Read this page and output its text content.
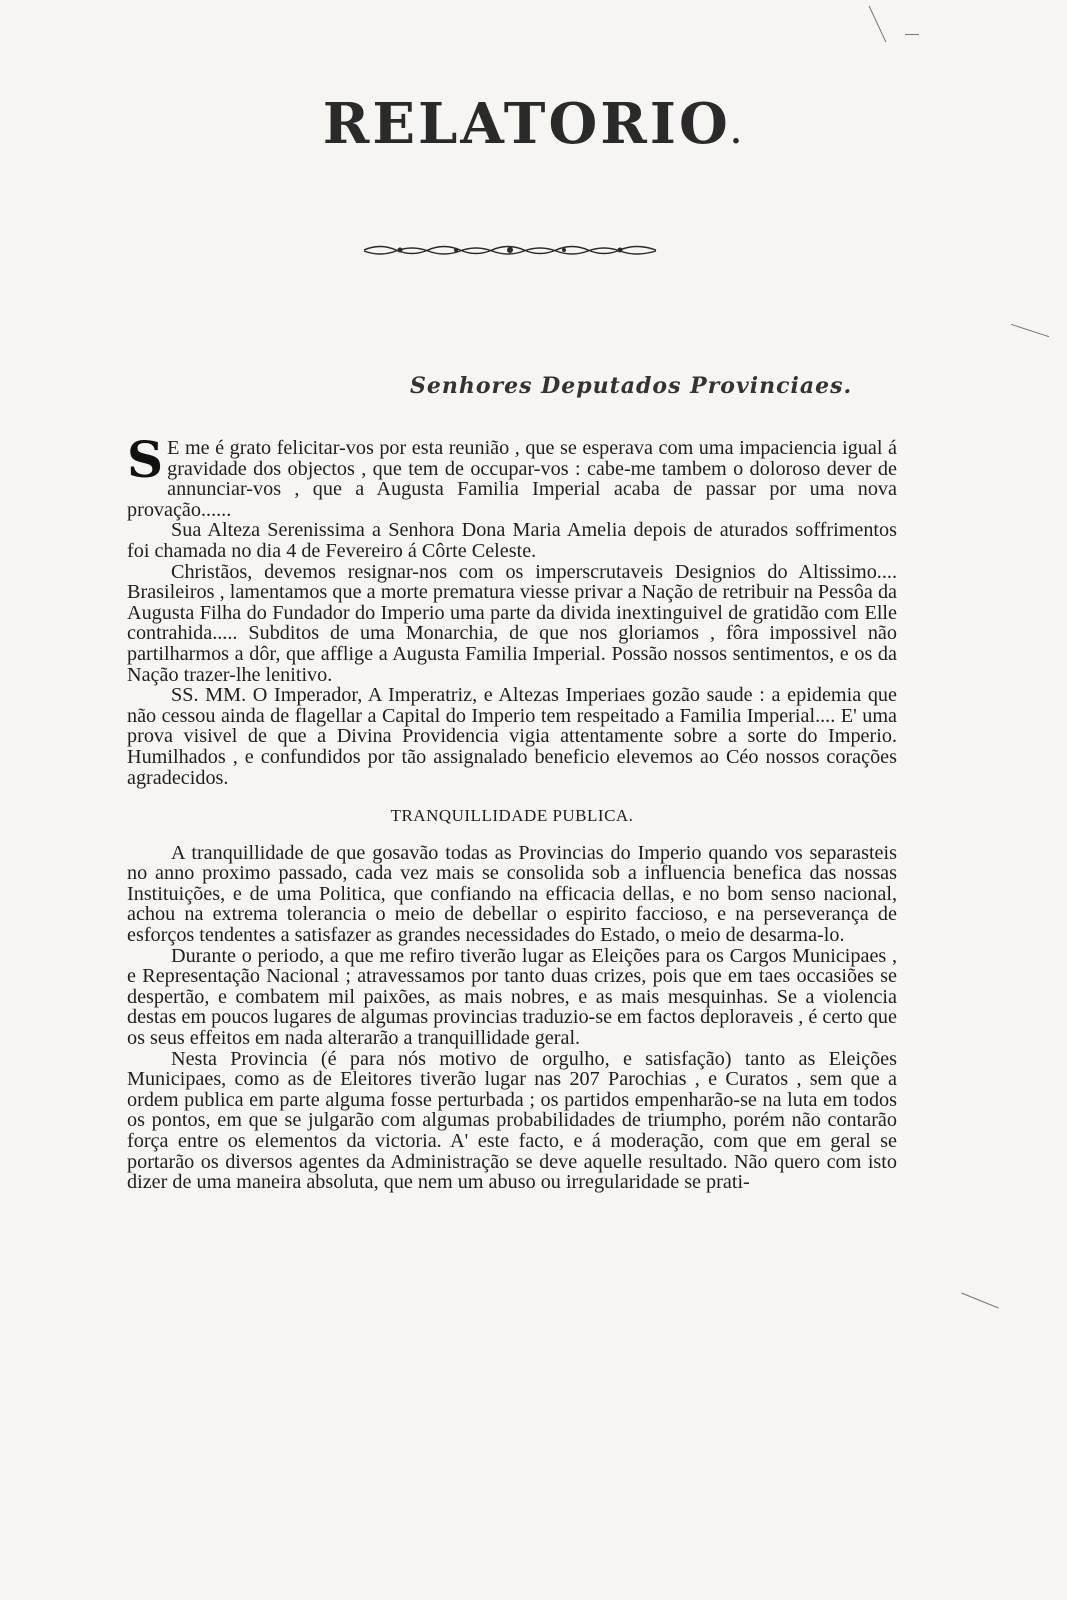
RELATORIO.
Senhores Deputados Provinciaes.

S E me é grato felicitar-vos por esta reunião , que se esperava com uma impaciencia igual á gravidade dos objectos , que tem de occupar-vos : cabe-me tambem o doloroso dever de annunciar-vos , que a Augusta Familia Imperial acaba de passar por uma nova provação......

Sua Alteza Serenissima a Senhora Dona Maria Amelia depois de aturados soffrimentos foi chamada no dia 4 de Fevereiro á Côrte Celeste.

Christãos, devemos resignar-nos com os imperscrutaveis Designios do Altissimo.... Brasileiros , lamentamos que a morte prematura viesse privar a Nação de retribuir na Pessôa da Augusta Filha do Fundador do Imperio uma parte da divida inextinguivel de gratidão com Elle contrahida..... Subditos de uma Monarchia, de que nos gloriamos , fôra impossivel não partilharmos a dôr, que afflige a Augusta Familia Imperial. Possão nossos sentimentos, e os da Nação trazer-lhe lenitivo.

SS. MM. O Imperador, A Imperatriz, e Altezas Imperiaes gozão saude : a epidemia que não cessou ainda de flagellar a Capital do Imperio tem respeitado a Familia Imperial.... E' uma prova visivel de que a Divina Providencia vigia attentamente sobre a sorte do Imperio. Humilhados , e confundidos por tão assignalado beneficio elevemos ao Céo nossos corações agradecidos.

TRANQUILLIDADE PUBLICA.

A tranquillidade de que gosavão todas as Provincias do Imperio quando vos separasteis no anno proximo passado, cada vez mais se consolida sob a influencia benefica das nossas Instituições, e de uma Politica, que confiando na efficacia dellas, e no bom senso nacional, achou na extrema tolerancia o meio de debellar o espirito faccioso, e na perseverança de esforços tendentes a satisfazer as grandes necessidades do Estado, o meio de desarma-lo.

Durante o periodo, a que me refiro tiverão lugar as Eleições para os Cargos Municipaes , e Representação Nacional ; atravessamos por tanto duas crizes, pois que em taes occasiões se despertão, e combatem mil paixões, as mais nobres, e as mais mesquinhas. Se a violencia destas em poucos lugares de algumas provincias traduzio-se em factos deploraveis , é certo que os seus effeitos em nada alterarão a tranquillidade geral.

Nesta Provincia (é para nós motivo de orgulho, e satisfação) tanto as Eleições Municipaes, como as de Eleitores tiverão lugar nas 207 Parochias , e Curatos , sem que a ordem publica em parte alguma fosse perturbada ; os partidos empenharão-se na luta em todos os pontos, em que se julgarão com algumas probabilidades de triumpho, porém não contarão força entre os elementos da victoria. A' este facto, e á moderação, com que em geral se portarão os diversos agentes da Administração se deve aquelle resultado. Não quero com isto dizer de uma maneira absoluta, que nem um abuso ou irregularidade se prati-
